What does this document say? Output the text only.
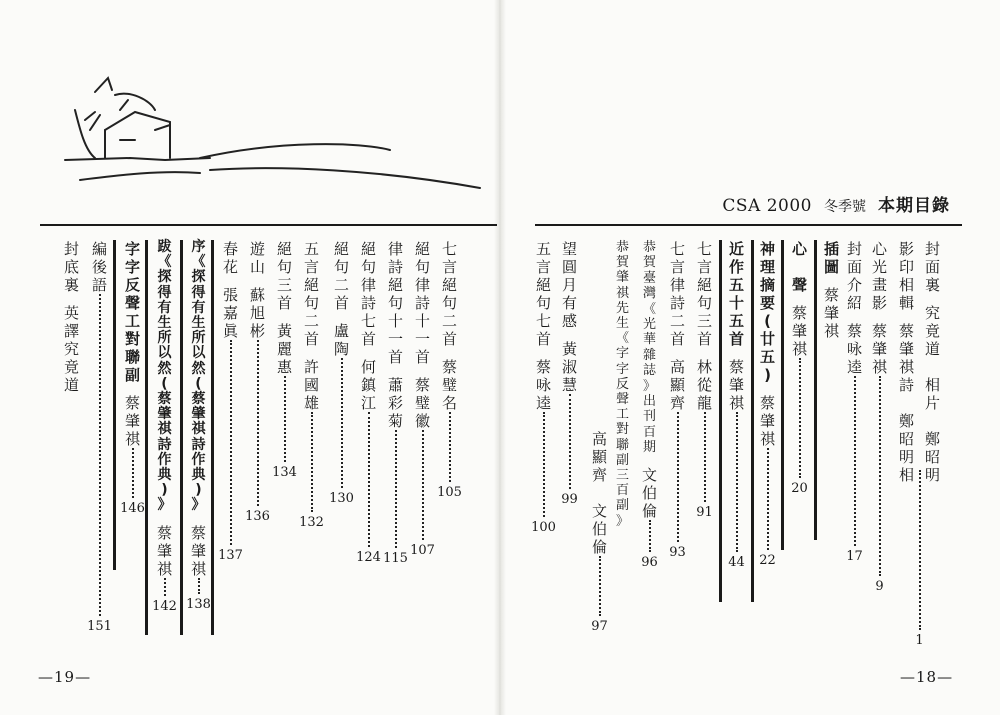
七
言
絕
句
二
首

蔡
璧
名

105
絕
句
律
詩
十
一
首

蔡
璧
徽

107
律
詩
絕
句
十
一
首

蕭
彩
菊

115
絕
句
律
詩
七
首

何
鎮
江

124
絕
句
二
首

盧
陶

130
五
言
絕
句
二
首

許
國
雄

132
絕
句
三
首

黃
麗
惠

134
遊
山

蘇
旭
彬

136
春
花

張
嘉
眞

137
序
《
探
得
有
生
所
以
然
(
蔡
肇
祺
詩
作
典
)
》

蔡
肇
祺

138
跋
《
探
得
有
生
所
以
然
(
蔡
肇
祺
詩
作
典
)
》

蔡
肇
祺

142
字
字
反
聲
工
對
聯
副

蔡
肇
祺

146
編
後
語

151
封
底
裏

英
譯
究
竟
道

—19—
CSA 2000 冬季號 本期目錄
封
面
裏

究
竟
道

相
片

鄭
昭
明

影
印
相
輯

蔡
肇
祺
詩

鄭
昭
明
相

1
心
光
畫
影

蔡
肇
祺

9
封
面
介
紹

蔡
咏
逵

17
插
圖

蔡
肇
祺

心

聲

蔡
肇
祺

20
神
理
摘
要
(
廿
五
)

蔡
肇
祺

22
近
作
五
十
五
首

蔡
肇
祺

44
七
言
絕
句
三
首

林
從
龍

91
七
言
律
詩
二
首

高
顯
齊

93
恭
賀
臺
灣
《
光
華
雜
誌
》
出
刊
百
期

文
伯
倫

96
恭
賀
肇
祺
先
生
《
字
字
反
聲
工
對
聯
副
三
百
副
》

高
顯
齊

文
伯
倫

97
望
圓
月
有
感

黃
淑
慧

99
五
言
絕
句
七
首

蔡
咏
逵

100
—18—
